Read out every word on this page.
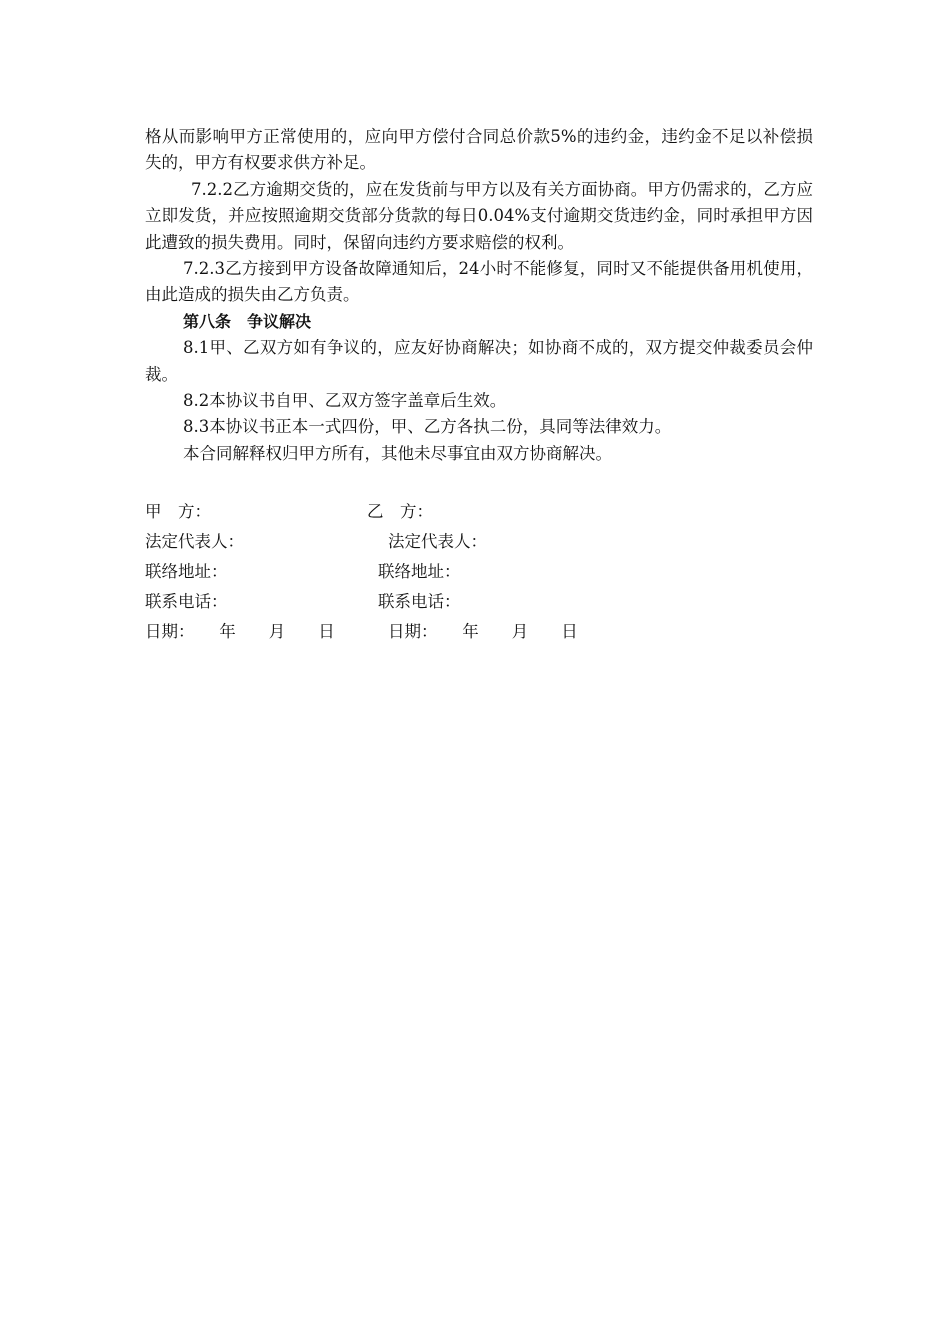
格从而影响甲方正常使用的，应向甲方偿付合同总价款5%的违约金，违约金不足以补偿损失的，甲方有权要求供方补足。

7.2.2乙方逾期交货的，应在发货前与甲方以及有关方面协商。甲方仍需求的，乙方应立即发货，并应按照逾期交货部分货款的每日0.04%支付逾期交货违约金，同时承担甲方因此遭致的损失费用。同时，保留向违约方要求赔偿的权利。

7.2.3乙方接到甲方设备故障通知后，24小时不能修复，同时又不能提供备用机使用，由此造成的损失由乙方负责。

第八条　争议解决

8.1甲、乙双方如有争议的，应友好协商解决；如协商不成的，双方提交仲裁委员会仲裁。

8.2本协议书自甲、乙双方签字盖章后生效。

8.3本协议书正本一式四份，甲、乙方各执二份，具同等法律效力。

本合同解释权归甲方所有，其他未尽事宜由双方协商解决。

甲　方：	乙　方：
法定代表人：	法定代表人：
联络地址：	联络地址：
联系电话：	联系电话：
日期：　　年　　月　　日	日期：　　年　　月　　日
